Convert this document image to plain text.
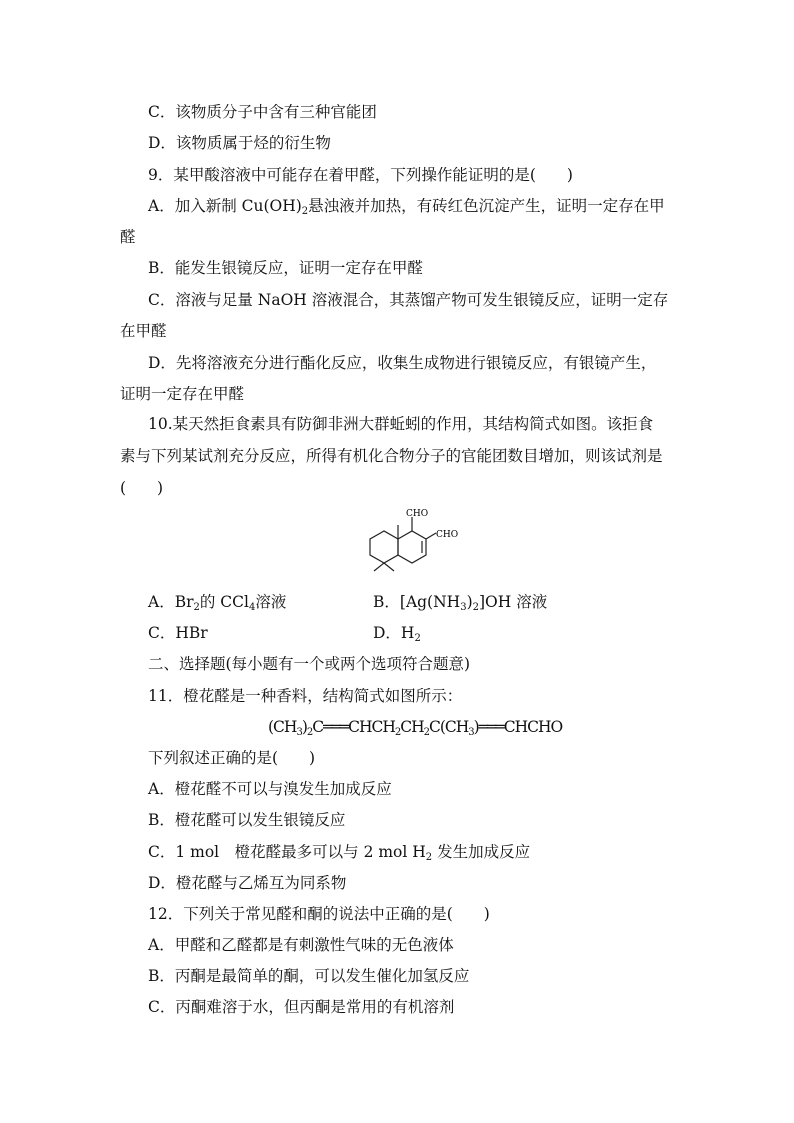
C．该物质分子中含有三种官能团
D．该物质属于烃的衍生物
9．某甲酸溶液中可能存在着甲醛，下列操作能证明的是(　　)
A．加入新制 $Cu(OH)_2$悬浊液并加热，有砖红色沉淀产生，证明一定存在甲
醛
B．能发生银镜反应，证明一定存在甲醛
C．溶液与足量 NaOH 溶液混合，其蒸馏产物可发生银镜反应，证明一定存
在甲醛
D．先将溶液充分进行酯化反应，收集生成物进行银镜反应，有银镜产生，
证明一定存在甲醛
10.某天然拒食素具有防御非洲大群蚯蚓的作用，其结构简式如图。该拒食
素与下列某试剂充分反应，所得有机化合物分子的官能团数目增加，则该试剂是
(　　)
CHO
CHO
A．$Br_2$的 CCl$_4$溶液	B．$[Ag(NH_3)_2]OH$ 溶液
C．HBr	D．$H_2$
二、选择题(每小题有一个或两个选项符合题意)
11．橙花醛是一种香料，结构简式如图所示：
$(CH_3)_2C═══CHCH_2CH_2C(CH_3)═══CHCHO$
下列叙述正确的是(　　)
A．橙花醛不可以与溴发生加成反应
B．橙花醛可以发生银镜反应
C．1 mol　橙花醛最多可以与 2 mol $H_2$ 发生加成反应
D．橙花醛与乙烯互为同系物
12．下列关于常见醛和酮的说法中正确的是(　　)
A．甲醛和乙醛都是有刺激性气味的无色液体
B．丙酮是最简单的酮，可以发生催化加氢反应
C．丙酮难溶于水，但丙酮是常用的有机溶剂
